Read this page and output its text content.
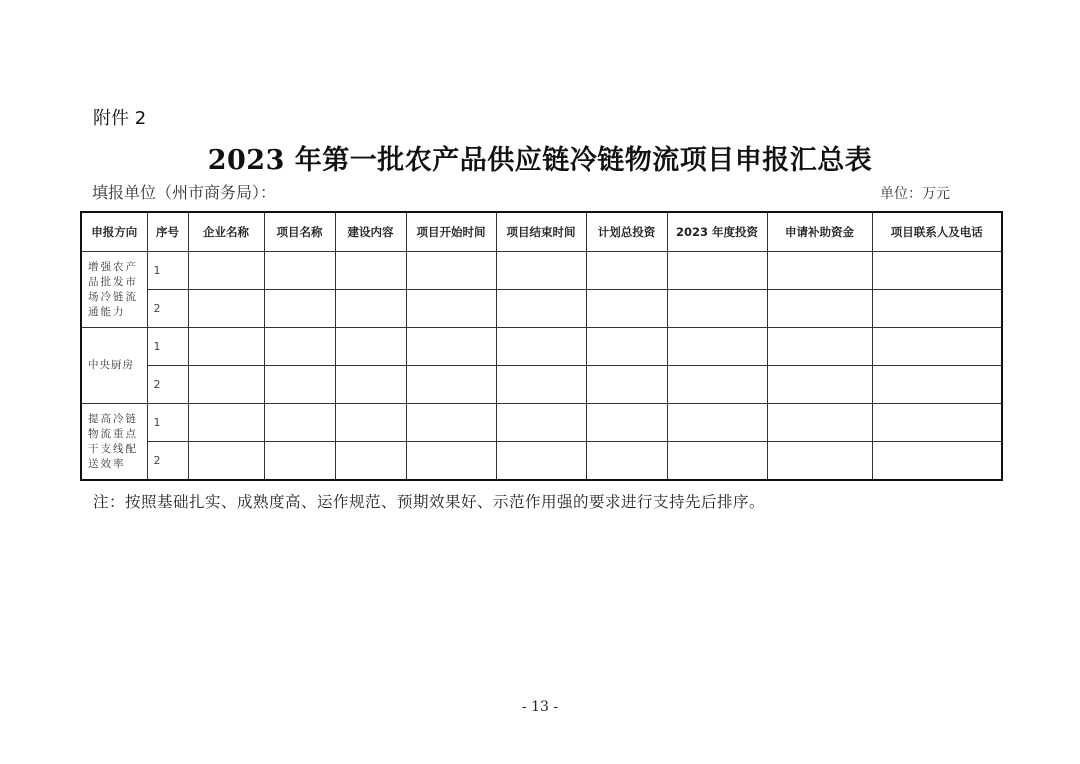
附件 2
2023 年第一批农产品供应链冷链物流项目申报汇总表
填报单位（州市商务局）：	单位：万元
申报方向	序号	企业名称	项目名称	建设内容	项目开始时间	项目结束时间	计划总投资	2023 年度投资	申请补助资金	项目联系人及电话
增强农产品批发市场冷链流通能力	1									
	2									
中央厨房	1									
	2									
提高冷链物流重点干支线配送效率	1									
	2									
注：按照基础扎实、成熟度高、运作规范、预期效果好、示范作用强的要求进行支持先后排序。
- 13 -
